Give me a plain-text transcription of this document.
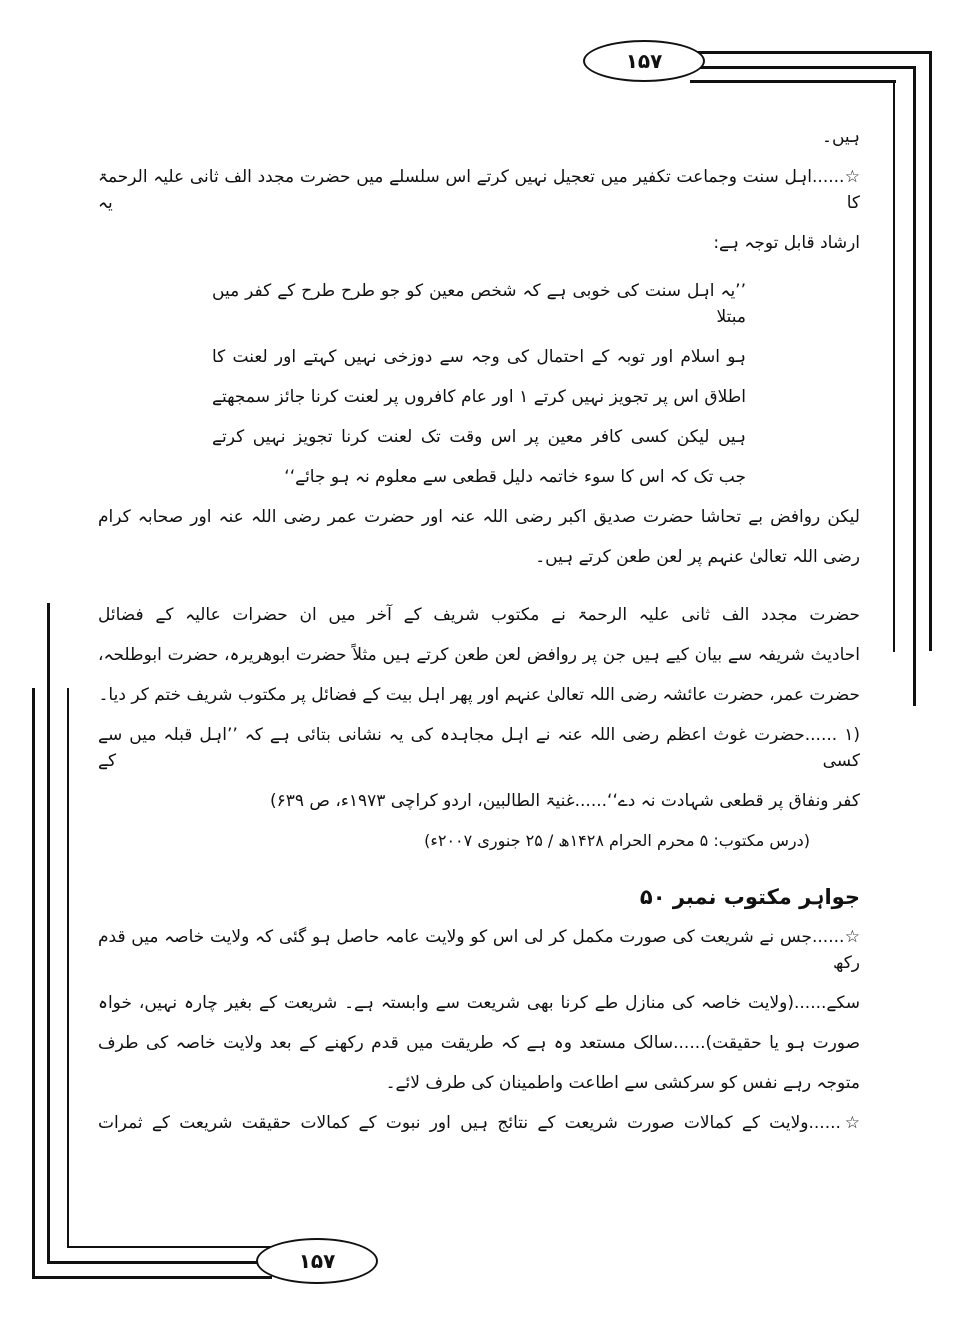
۱۵۷
۱۵۷
ہیں۔
☆......اہل سنت وجماعت تکفیر میں تعجیل نہیں کرتے اس سلسلے میں حضرت مجدد الف ثانی علیہ الرحمۃ کا یہ
ارشاد قابل توجہ ہے:
’’یہ اہل سنت کی خوبی ہے کہ شخص معین کو جو طرح طرح کے کفر میں مبتلا
ہو اسلام اور توبہ کے احتمال کی وجہ سے دوزخی نہیں کہتے اور لعنت کا
اطلاق اس پر تجویز نہیں کرتے ۱ اور عام کافروں پر لعنت کرنا جائز سمجھتے
ہیں لیکن کسی کافر معین پر اس وقت تک لعنت کرنا تجویز نہیں کرتے
جب تک کہ اس کا سوء خاتمہ دلیل قطعی سے معلوم نہ ہو جائے‘‘
لیکن روافض بے تحاشا حضرت صدیق اکبر رضی اللہ عنہ اور حضرت عمر رضی اللہ عنہ اور صحابہ کرام
رضی اللہ تعالیٰ عنہم پر لعن طعن کرتے ہیں۔
حضرت مجدد الف ثانی علیہ الرحمۃ نے مکتوب شریف کے آخر میں ان حضرات عالیہ کے فضائل
احادیث شریفہ سے بیان کیے ہیں جن پر روافض لعن طعن کرتے ہیں مثلاً حضرت ابوھریرہ، حضرت ابوطلحہ،
حضرت عمر، حضرت عائشہ رضی اللہ تعالیٰ عنہم اور پھر اہل بیت کے فضائل پر مکتوب شریف ختم کر دیا۔
(۱ ......حضرت غوث اعظم رضی اللہ عنہ نے اہل مجاہدہ کی یہ نشانی بتائی ہے کہ ’’اہل قبلہ میں سے کسی کے
کفر ونفاق پر قطعی شہادت نہ دے‘‘......غنیۃ الطالبین، اردو کراچی ۱۹۷۳ء، ص ۶۳۹)
(درس مکتوب: ۵ محرم الحرام ۱۴۲۸ھ / ۲۵ جنوری ۲۰۰۷ء)
جواہر مکتوب نمبر ۵۰
☆......جس نے شریعت کی صورت مکمل کر لی اس کو ولایت عامہ حاصل ہو گئی کہ ولایت خاصہ میں قدم رکھ
سکے......(ولایت خاصہ کی منازل طے کرنا بھی شریعت سے وابستہ ہے۔ شریعت کے بغیر چارہ نہیں، خواہ
صورت ہو یا حقیقت)......سالک مستعد وہ ہے کہ طریقت میں قدم رکھنے کے بعد ولایت خاصہ کی طرف
متوجہ رہے نفس کو سرکشی سے اطاعت واطمینان کی طرف لائے۔
☆......ولایت کے کمالات صورت شریعت کے نتائج ہیں اور نبوت کے کمالات حقیقت شریعت کے ثمرات
